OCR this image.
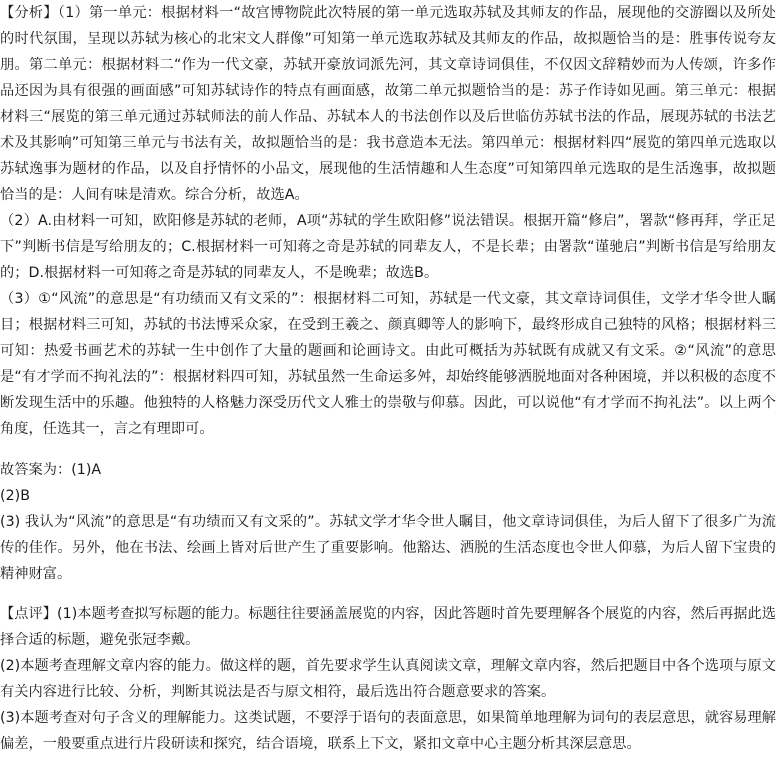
【分析】（1）第一单元：根据材料一“故宫博物院此次特展的第一单元选取苏轼及其师友的作品，展现他的交游圈以及所处的时代氛围，呈现以苏轼为核心的北宋文人群像”可知第一单元选取苏轼及其师友的作品，故拟题恰当的是：胜事传说夸友朋。第二单元：根据材料二“作为一代文豪，苏轼开豪放词派先河，其文章诗词俱佳，不仅因文辞精妙而为人传颂，许多作品还因为具有很强的画面感”可知苏轼诗作的特点有画面感，故第二单元拟题恰当的是：苏子作诗如见画。第三单元：根据材料三“展览的第三单元通过苏轼师法的前人作品、苏轼本人的书法创作以及后世临仿苏轼书法的作品，展现苏轼的书法艺术及其影响”可知第三单元与书法有关，故拟题恰当的是：我书意造本无法。第四单元：根据材料四“展览的第四单元选取以苏轼逸事为题材的作品，以及自抒情怀的小品文，展现他的生活情趣和人生态度”可知第四单元选取的是生活逸事，故拟题恰当的是：人间有味是清欢。综合分析，故选A。

（2）A.由材料一可知，欧阳修是苏轼的老师，A项“苏轼的学生欧阳修”说法错误。根据开篇“修启”，署款“修再拜，学正足下”判断书信是写给朋友的；C.根据材料一可知蒋之奇是苏轼的同辈友人，不是长辈；由署款“谨驰启”判断书信是写给朋友的；D.根据材料一可知蒋之奇是苏轼的同辈友人，不是晚辈；故选B。

（3）①“风流”的意思是“有功绩而又有文采的”：根据材料二可知，苏轼是一代文豪，其文章诗词俱佳，文学才华令世人瞩目；根据材料三可知，苏轼的书法博采众家，在受到王羲之、颜真卿等人的影响下，最终形成自己独特的风格；根据材料三可知：热爱书画艺术的苏轼一生中创作了大量的题画和论画诗文。由此可概括为苏轼既有成就又有文采。②“风流”的意思是“有才学而不拘礼法的”：根据材料四可知，苏轼虽然一生命运多舛，却始终能够洒脱地面对各种困境，并以积极的态度不断发现生活中的乐趣。他独特的人格魅力深受历代文人雅士的崇敬与仰慕。因此，可以说他“有才学而不拘礼法”。以上两个角度，任选其一，言之有理即可。

故答案为：(1)A

(2)B

(3) 我认为“风流”的意思是“有功绩而又有文采的”。苏轼文学才华令世人瞩目，他文章诗词俱佳，为后人留下了很多广为流传的佳作。另外，他在书法、绘画上皆对后世产生了重要影响。他豁达、洒脱的生活态度也令世人仰慕，为后人留下宝贵的精神财富。

【点评】(1)本题考查拟写标题的能力。标题往往要涵盖展览的内容，因此答题时首先要理解各个展览的内容，然后再据此选择合适的标题，避免张冠李戴。

(2)本题考查理解文章内容的能力。做这样的题，首先要求学生认真阅读文章，理解文章内容，然后把题目中各个选项与原文有关内容进行比较、分析，判断其说法是否与原文相符，最后选出符合题意要求的答案。

(3)本题考查对句子含义的理解能力。这类试题，不要浮于语句的表面意思，如果简单地理解为词句的表层意思，就容易理解偏差，一般要重点进行片段研读和探究，结合语境，联系上下文，紧扣文章中心主题分析其深层意思。
